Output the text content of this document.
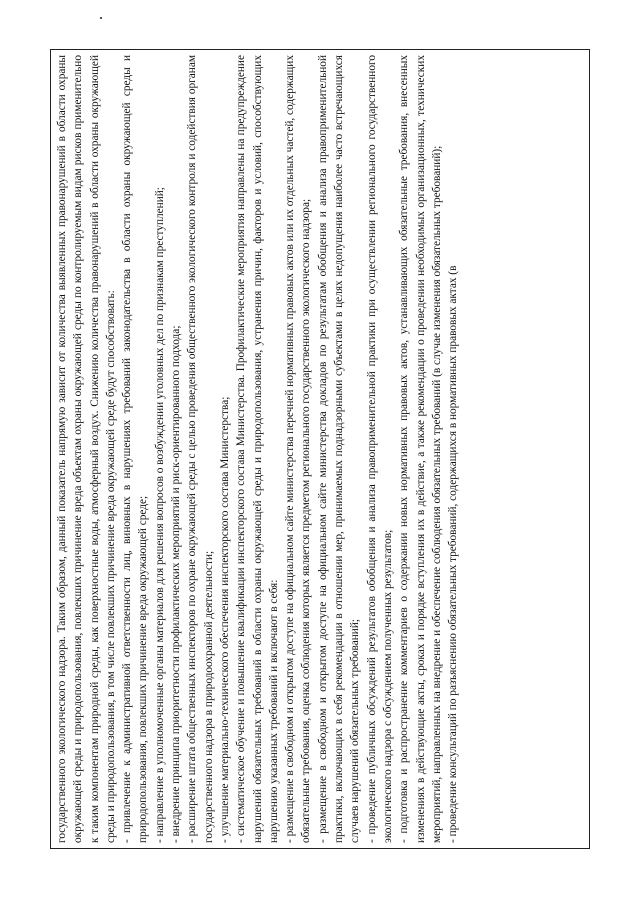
государственного экологического надзора. Таким образом, данный показатель напрямую зависит от количества выявленных правонарушений в области охраны окружающей среды и природопользования, повлекших причинение вреда объектам охраны окружающей среды по контролируемым видам рисков применительно к таким компонентам природной среды, как поверхностные воды, атмосферный воздух. Снижению количества правонарушений в области охраны окружающей среды и природопользования, в том числе повлекших причинение вреда окружающей среде будут способствовать: - привлечение к административной ответственности лиц, виновных в нарушениях требований законодательства в области охраны окружающей среды и природопользования, повлекших причинение вреда окружающей среде; - направление в уполномоченные органы материалов для решения вопросов о возбуждении уголовных дел по признакам преступлений; - внедрение принципа приоритетности профилактических мероприятий и риск-ориентированного подхода; - расширение штата общественных инспекторов по охране окружающей среды с целью проведения общественного экологического контроля и содействия органам государственного надзора в природоохранной деятельности; - улучшение материально-технического обеспечения инспекторского состава Министерства; - систематическое обучение и повышение квалификации инспекторского состава Министерства. Профилактические мероприятия направлены на предупреждение нарушений обязательных требований в области охраны окружающей среды и природопользования, устранения причин, факторов и условий, способствующих нарушению указанных требований и включают в себя: - размещение в свободном и открытом доступе на официальном сайте министерства перечней нормативных правовых актов или их отдельных частей, содержащих обязательные требования, оценка соблюдения которых является предметом регионального государственного экологического надзора; - размещение в свободном и открытом доступе на официальном сайте министерства докладов по результатам обобщения и анализа правоприменительной практики, включающих в себя рекомендации в отношении мер, принимаемых поднадзорными субъектами в целях недопущения наиболее часто встречающихся случаев нарушений обязательных требований; - проведение публичных обсуждений результатов обобщения и анализа правоприменительной практики при осуществлении регионального государственного экологического надзора с обсуждением полученных результатов; - подготовка и распространение комментариев о содержании новых нормативных правовых актов, устанавливающих обязательные требования, внесенных изменениях в действующие акты, сроках и порядке вступления их в действие, а также рекомендации о проведении необходимых организационных, технических мероприятий, направленных на внедрение и обеспечение соблюдения обязательных требований (в случае изменения обязательных требований); - проведение консультаций по разъяснению обязательных требований, содержащихся в нормативных правовых актах (в
